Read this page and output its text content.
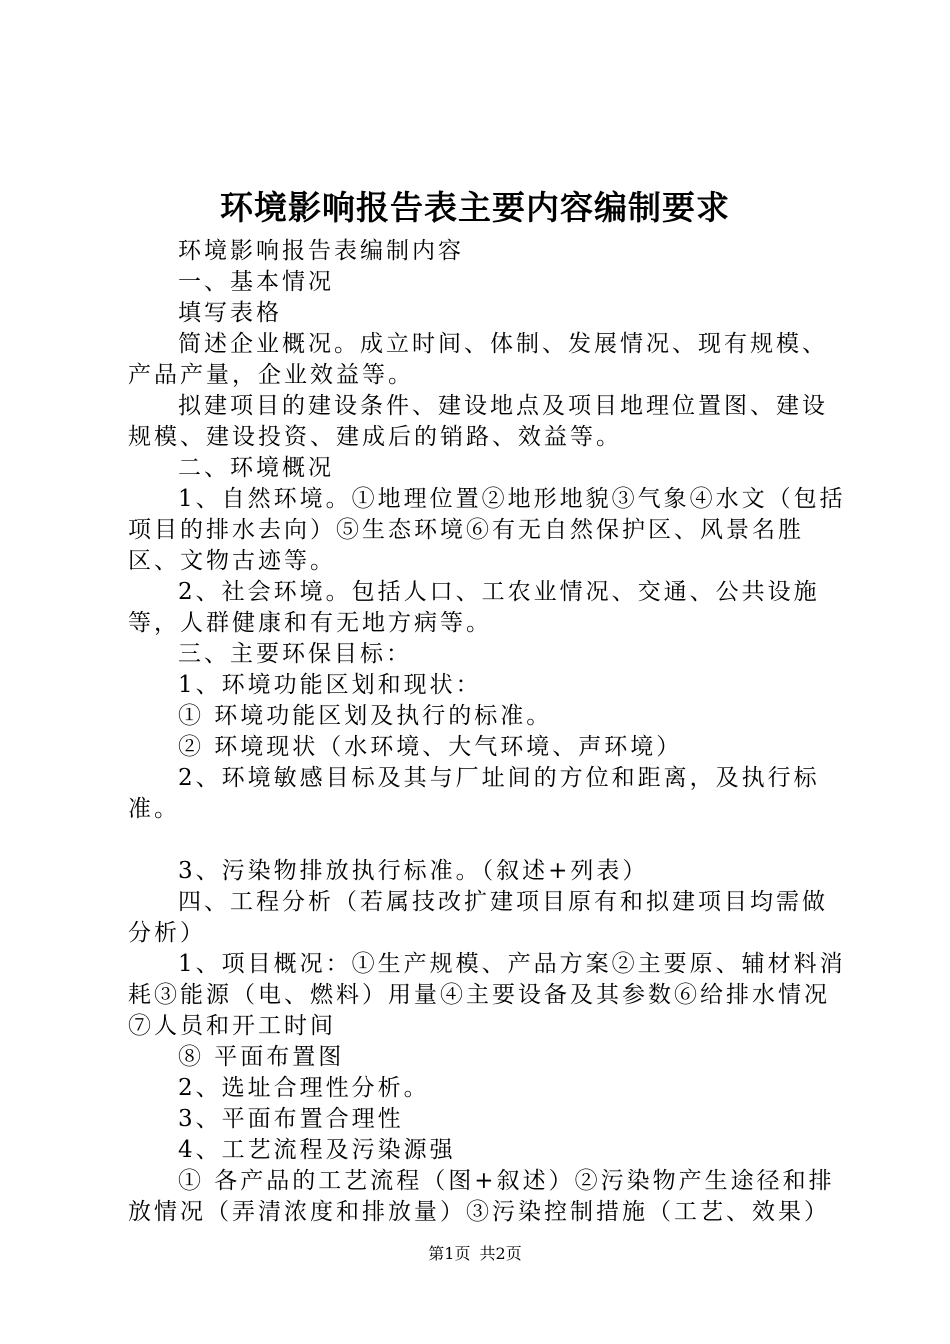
环境影响报告表主要内容编制要求

环境影响报告表编制内容

一、基本情况

填写表格

简述企业概况。成立时间、体制、发展情况、现有规模、产品产量，企业效益等。

拟建项目的建设条件、建设地点及项目地理位置图、建设规模、建设投资、建成后的销路、效益等。

二、环境概况

1、自然环境。①地理位置②地形地貌③气象④水文（包括项目的排水去向）⑤生态环境⑥有无自然保护区、风景名胜区、文物古迹等。

2、社会环境。包括人口、工农业情况、交通、公共设施等，人群健康和有无地方病等。

三、主要环保目标：

1、环境功能区划和现状：

① 环境功能区划及执行的标准。

② 环境现状（水环境、大气环境、声环境）

2、环境敏感目标及其与厂址间的方位和距离，及执行标准。

3、污染物排放执行标准。（叙述+列表）

四、工程分析（若属技改扩建项目原有和拟建项目均需做分析）

1、项目概况：①生产规模、产品方案②主要原、辅材料消耗③能源（电、燃料）用量④主要设备及其参数⑥给排水情况⑦人员和开工时间

⑧ 平面布置图

2、选址合理性分析。

3、平面布置合理性

4、工艺流程及污染源强

① 各产品的工艺流程（图+叙述）②污染物产生途径和排放情况（弄清浓度和排放量）③污染控制措施（工艺、效果）

第1页 共2页
